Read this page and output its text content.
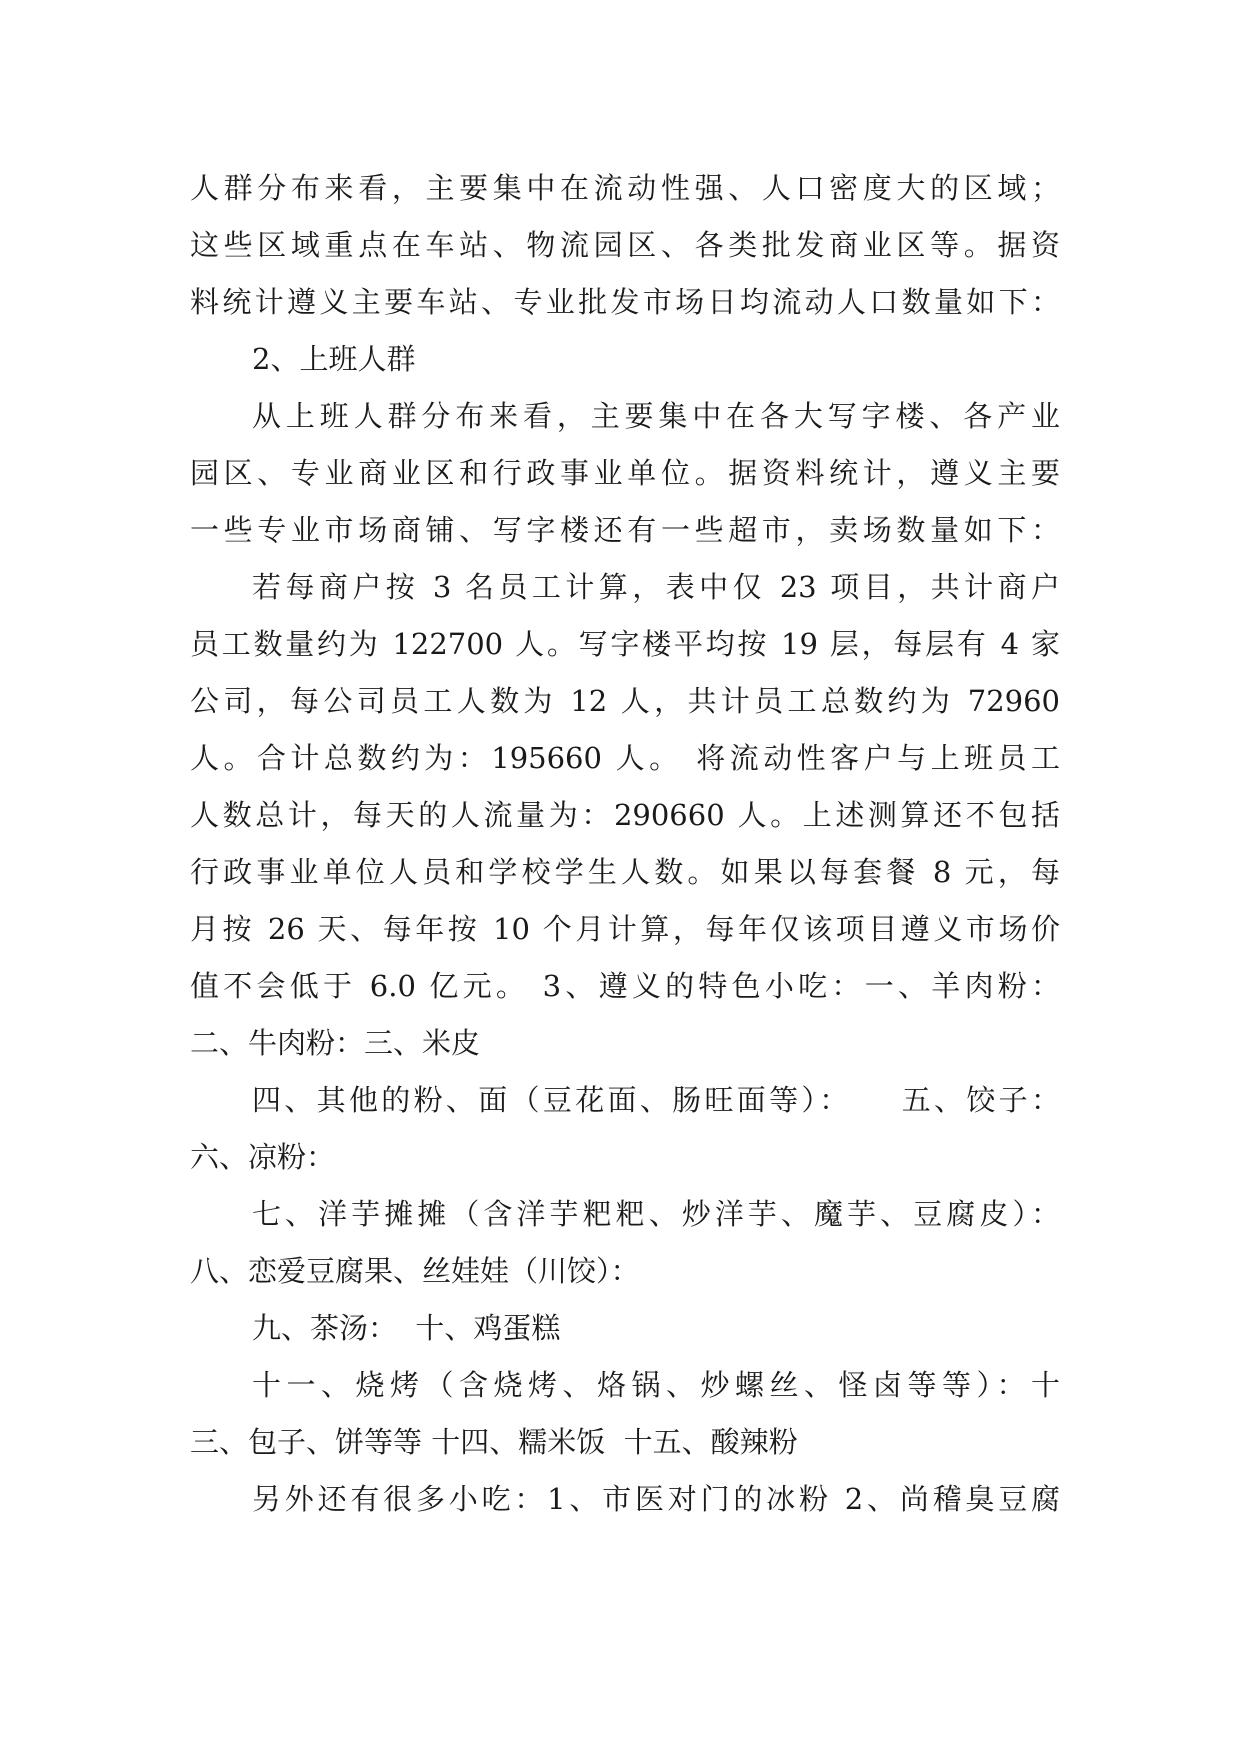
人群分布来看，主要集中在流动性强、人口密度大的区域；
这些区域重点在车站、物流园区、各类批发商业区等。据资
料统计遵义主要车站、专业批发市场日均流动人口数量如下：
2、上班人群
从上班人群分布来看，主要集中在各大写字楼、各产业
园区、专业商业区和行政事业单位。据资料统计，遵义主要
一些专业市场商铺、写字楼还有一些超市，卖场数量如下：
若每商户按 3 名员工计算，表中仅 23 项目，共计商户
员工数量约为 122700 人。写字楼平均按 19 层，每层有 4 家
公司，每公司员工人数为 12 人，共计员工总数约为 72960
人。合计总数约为：195660 人。 将流动性客户与上班员工
人数总计，每天的人流量为：290660 人。上述测算还不包括
行政事业单位人员和学校学生人数。如果以每套餐 8 元，每
月按 26 天、每年按 10 个月计算，每年仅该项目遵义市场价
值不会低于 6.0 亿元。 3、遵义的特色小吃：一、羊肉粉：
二、牛肉粉：三、米皮
四、其他的粉、面（豆花面、肠旺面等）：    五、饺子：
六、凉粉：
七、洋芋摊摊（含洋芋粑粑、炒洋芋、魔芋、豆腐皮）：
八、恋爱豆腐果、丝娃娃（川饺）：
九、茶汤：  十、鸡蛋糕
十一、烧烤（含烧烤、烙锅、炒螺丝、怪卤等等）：十
三、包子、饼等等 十四、糯米饭  十五、酸辣粉
另外还有很多小吃：1、市医对门的冰粉 2、尚稽臭豆腐
